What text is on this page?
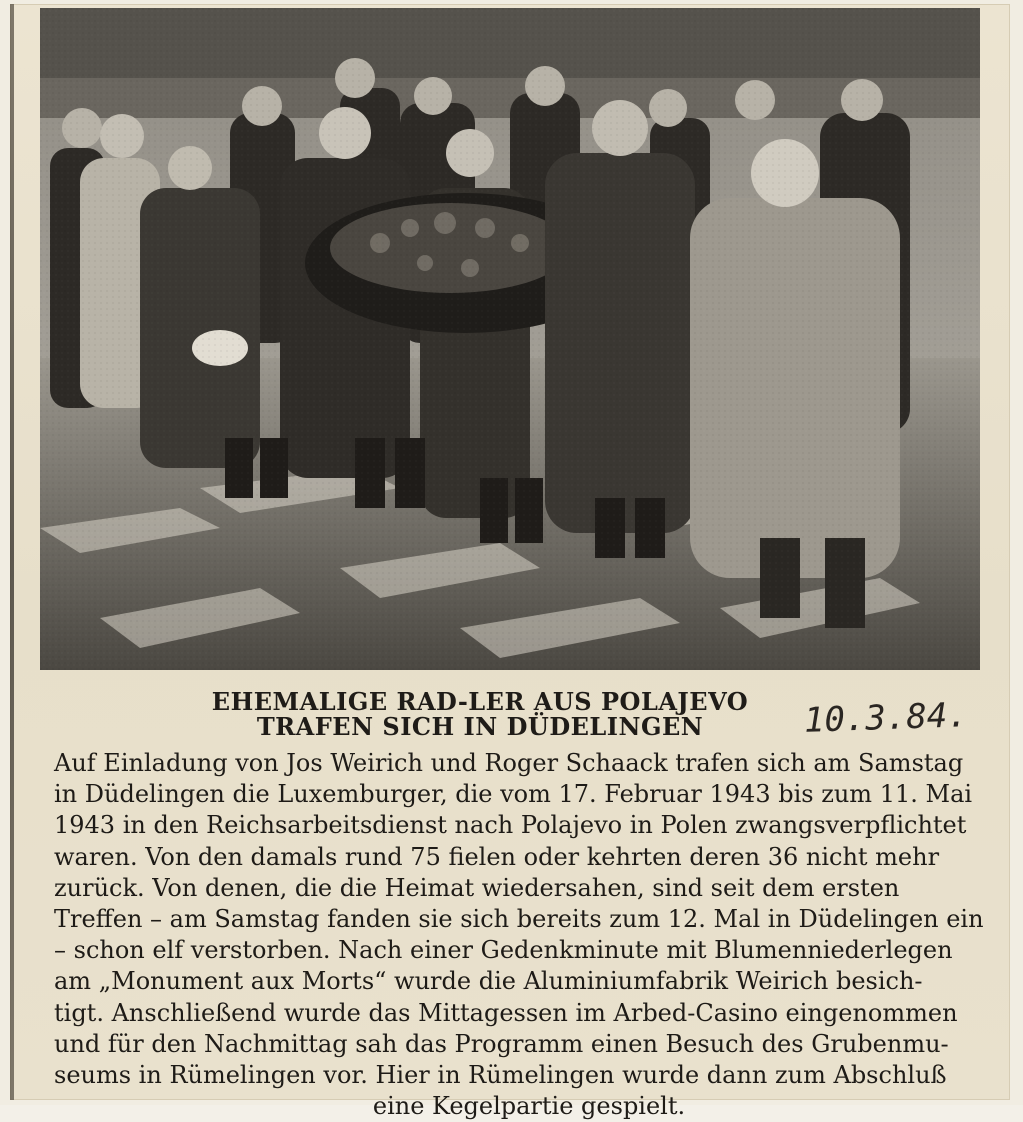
EHEMALIGE RAD-LER AUS POLAJEVO
TRAFEN SICH IN DÜDELINGEN	10.3.84.
Auf Einladung von Jos Weirich und Roger Schaack trafen sich am Samstag
in Düdelingen die Luxemburger, die vom 17. Februar 1943 bis zum 11. Mai
1943 in den Reichsarbeitsdienst nach Polajevo in Polen zwangsverpflichtet
waren. Von den damals rund 75 fielen oder kehrten deren 36 nicht mehr
zurück. Von denen, die die Heimat wiedersahen, sind seit dem ersten
Treffen – am Samstag fanden sie sich bereits zum 12. Mal in Düdelingen ein
– schon elf verstorben. Nach einer Gedenkminute mit Blumenniederlegen
am „Monument aux Morts“ wurde die Aluminiumfabrik Weirich besich-
tigt. Anschließend wurde das Mittagessen im Arbed-Casino eingenommen
und für den Nachmittag sah das Programm einen Besuch des Grubenmu-
seums in Rümelingen vor. Hier in Rümelingen wurde dann zum Abschluß
eine Kegelpartie gespielt.
